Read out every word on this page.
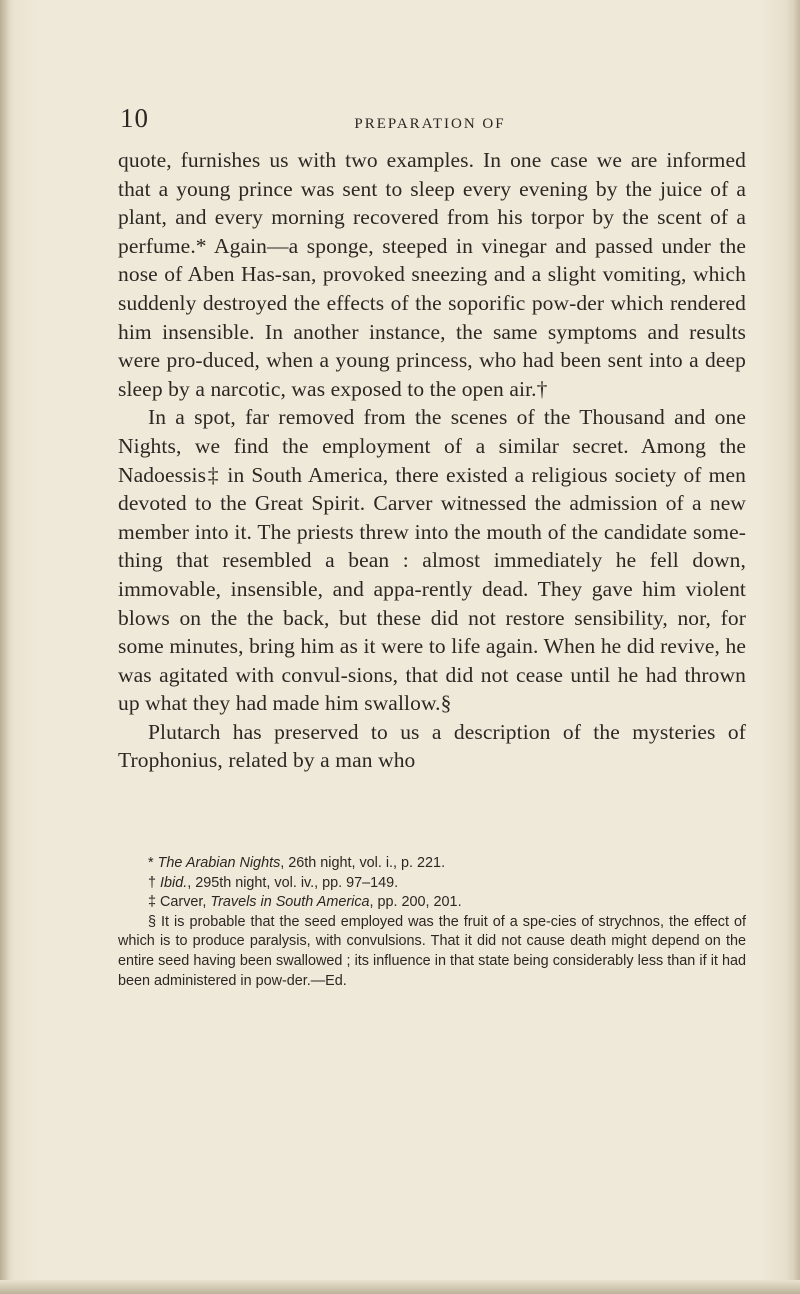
10	PREPARATION OF

quote, furnishes us with two examples. In one case we are informed that a young prince was sent to sleep every evening by the juice of a plant, and every morning recovered from his torpor by the scent of a perfume.* Again—a sponge, steeped in vinegar and passed under the nose of Aben Has-san, provoked sneezing and a slight vomiting, which suddenly destroyed the effects of the soporific pow-der which rendered him insensible. In another instance, the same symptoms and results were pro-duced, when a young princess, who had been sent into a deep sleep by a narcotic, was exposed to the open air.†

In a spot, far removed from the scenes of the Thousand and one Nights, we find the employment of a similar secret. Among the Nadoessis‡ in South America, there existed a religious society of men devoted to the Great Spirit. Carver witnessed the admission of a new member into it. The priests threw into the mouth of the candidate some-thing that resembled a bean : almost immediately he fell down, immovable, insensible, and appa-rently dead. They gave him violent blows on the the back, but these did not restore sensibility, nor, for some minutes, bring him as it were to life again. When he did revive, he was agitated with convul-sions, that did not cease until he had thrown up what they had made him swallow.§

Plutarch has preserved to us a description of the mysteries of Trophonius, related by a man who

* The Arabian Nights, 26th night, vol. i., p. 221.

† Ibid., 295th night, vol. iv., pp. 97–149.

‡ Carver, Travels in South America, pp. 200, 201.

§ It is probable that the seed employed was the fruit of a spe-cies of strychnos, the effect of which is to produce paralysis, with convulsions. That it did not cause death might depend on the entire seed having been swallowed ; its influence in that state being considerably less than if it had been administered in pow-der.—Ed.
